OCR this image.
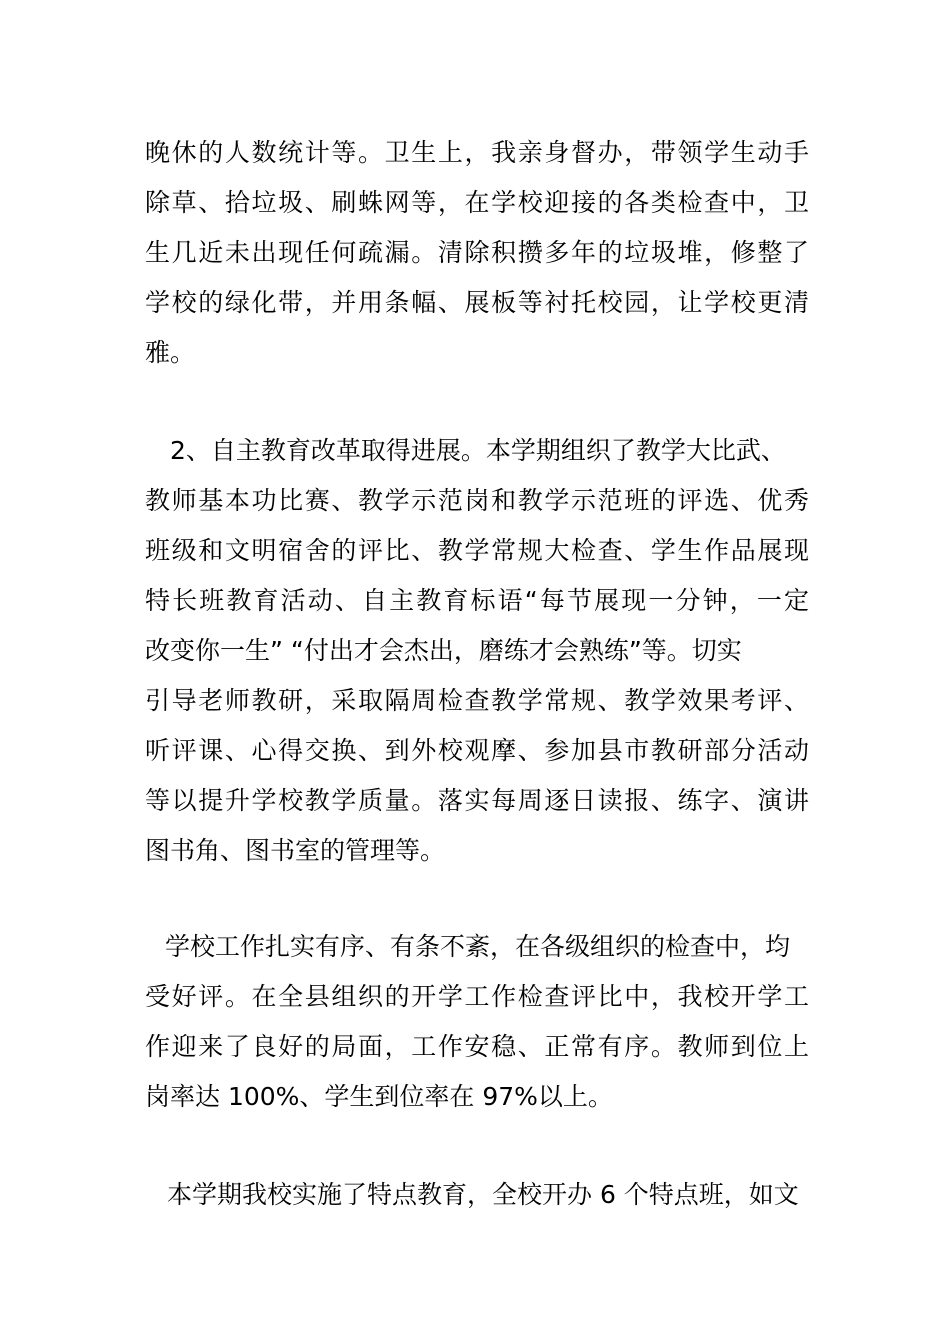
晚休的人数统计等。卫生上，我亲身督办，带领学生动手
除草、拾垃圾、刷蛛网等，在学校迎接的各类检查中，卫
生几近未出现任何疏漏。清除积攒多年的垃圾堆，修整了
学校的绿化带，并用条幅、展板等衬托校园，让学校更清
雅。
2、自主教育改革取得进展。本学期组织了教学大比武、
教师基本功比赛、教学示范岗和教学示范班的评选、优秀
班级和文明宿舍的评比、教学常规大检查、学生作品展现
特长班教育活动、自主教育标语“每节展现一分钟，一定
改变你一生” “付出才会杰出，磨练才会熟练”等。切实
引导老师教研，采取隔周检查教学常规、教学效果考评、
听评课、心得交换、到外校观摩、参加县市教研部分活动
等以提升学校教学质量。落实每周逐日读报、练字、演讲
图书角、图书室的管理等。
学校工作扎实有序、有条不紊，在各级组织的检查中，均
受好评。在全县组织的开学工作检查评比中，我校开学工
作迎来了良好的局面，工作安稳、正常有序。教师到位上
岗率达 100%、学生到位率在 97%以上。
本学期我校实施了特点教育，全校开办 6 个特点班，如文
